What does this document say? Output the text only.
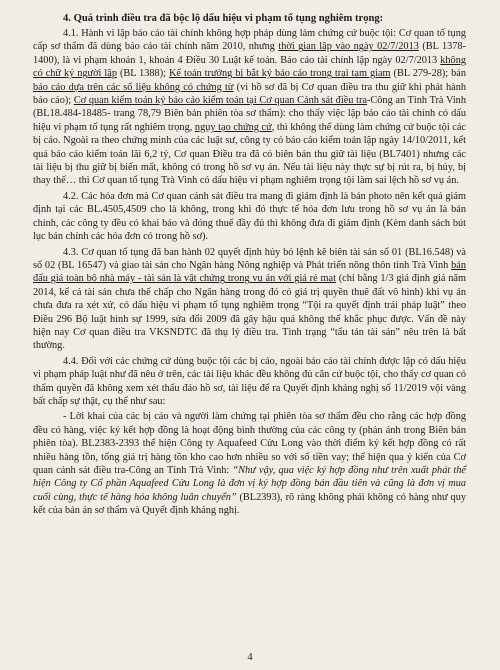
4. Quá trình điều tra đã bộc lộ dấu hiệu vi phạm tố tụng nghiêm trọng:

4.1. Hành vi lập báo cáo tài chính không hợp pháp dùng làm chứng cứ buộc tội: Cơ quan tố tụng cấp sơ thẩm đã dùng báo cáo tài chính năm 2010, nhưng thời gian lập vào ngày 02/7/2013 (BL 1378-1400), là vi phạm khoản 1, khoản 4 Điều 30 Luật kế toán. Báo cáo tài chính lập ngày 02/7/2013 không có chữ ký người lập (BL 1388); Kế toán trưởng bị bắt ký báo cáo trong trại tạm giam (BL 279-28); bản báo cáo dựa trên các số liệu không có chứng từ (vì hồ sơ đã bị Cơ quan điều tra thu giữ khi phát hành báo cáo); Cơ quan kiểm toán ký báo cáo kiểm toán tại Cơ quan Cảnh sát điều tra-Công an Tỉnh Trà Vinh (BL18.484-18485- trang 78,79 Biên bản phiên tòa sơ thẩm): cho thấy việc lập báo cáo tài chính có dấu hiệu vi phạm tố tụng rất nghiêm trọng, ngụy tạo chứng cứ, thì không thể dùng làm chứng cứ buộc tội các bị cáo. Ngoài ra theo chứng minh của các luật sư, công ty có báo cáo kiểm toán lập ngày 14/10/2011, kết quả báo cáo kiểm toán lãi 6,2 tỷ, Cơ quan Điều tra đã có biên bản thu giữ tài liệu (BL7401) nhưng các tài liệu bị thu giữ bị biến mất, không có trong hồ sơ vụ án. Nếu tài liệu này thực sự bị rút ra, bị hủy, bị thay thế… thì Cơ quan tố tụng Trà Vinh có dấu hiệu vi phạm nghiêm trọng tội làm sai lệch hồ sơ vụ án.

4.2. Các hóa đơn mà Cơ quan cảnh sát điều tra mang đi giám định là bản photo nên kết quả giám định tại các BL.4505,4509 cho là không, trong khi đó thực tế hóa đơn lưu trong hồ sơ vụ án là bản chính, các công ty đều có khai báo và đóng thuế đầy đủ thì không đưa đi giám định (Kèm danh sách bút lục bản chính các hóa đơn có trong hồ sơ).

4.3. Cơ quan tố tụng đã ban hành 02 quyết định hủy bỏ lệnh kê biên tài sản số 01 (BL16.548) và số 02 (BL 16547) và giao tài sản cho Ngân hàng Nông nghiệp và Phát triển nông thôn tỉnh Trà Vinh bán đấu giá toàn bộ nhà máy - tài sản là vật chứng trong vụ án với giá rẻ mạt (chỉ bằng 1/3 giá định giá năm 2014, kể cả tài sản chưa thế chấp cho Ngân hàng trong đó có giá trị quyền thuê đất vô hình) khi vụ án chưa đưa ra xét xử, có dấu hiệu vi phạm tố tụng nghiêm trọng “Tội ra quyết định trái pháp luật” theo Điều 296 Bộ luật hình sự 1999, sửa đổi 2009 đã gây hậu quả không thể khắc phục được. Vấn đề này hiện nay Cơ quan điều tra VKSNDTC đã thụ lý điều tra. Tình trạng “tẩu tán tài sản” nêu trên là bất thường.

4.4. Đối với các chứng cứ dùng buộc tội các bị cáo, ngoài báo cáo tài chính được lập có dấu hiệu vi phạm pháp luật như đã nêu ở trên, các tài liệu khác đều không đủ căn cứ buộc tội, cho thấy cơ quan có thẩm quyền đã không xem xét thấu đáo hồ sơ, tài liệu để ra Quyết định kháng nghị số 11/2019 vội vàng bất chấp sự thật, cụ thể như sau:

- Lời khai của các bị cáo và người làm chứng tại phiên tòa sơ thẩm đều cho rằng các hợp đồng đều có hàng, việc ký kết hợp đồng là hoạt động bình thường của các công ty (phản ánh trong Biên bản phiên tòa). BL2383-2393 thể hiện Công ty Aquafeed Cửu Long vào thời điểm ký kết hợp đồng có rất nhiều hàng tồn, tổng giá trị hàng tồn kho cao hơn nhiều so với số tiền vay; thể hiện qua ý kiến của Cơ quan cảnh sát điều tra-Công an Tỉnh Trà Vinh: “Như vậy, qua việc ký hợp đồng như trên xuất phát thể hiện Công ty Cổ phần Aquafeed Cửu Long là đơn vị ký hợp đồng bán đầu tiên và cũng là đơn vị mua cuối cùng, thực tế hàng hóa không luân chuyển” (BL2393), rõ ràng không phải không có hàng như quy kết của bản án sơ thẩm và Quyết định kháng nghị.

4
